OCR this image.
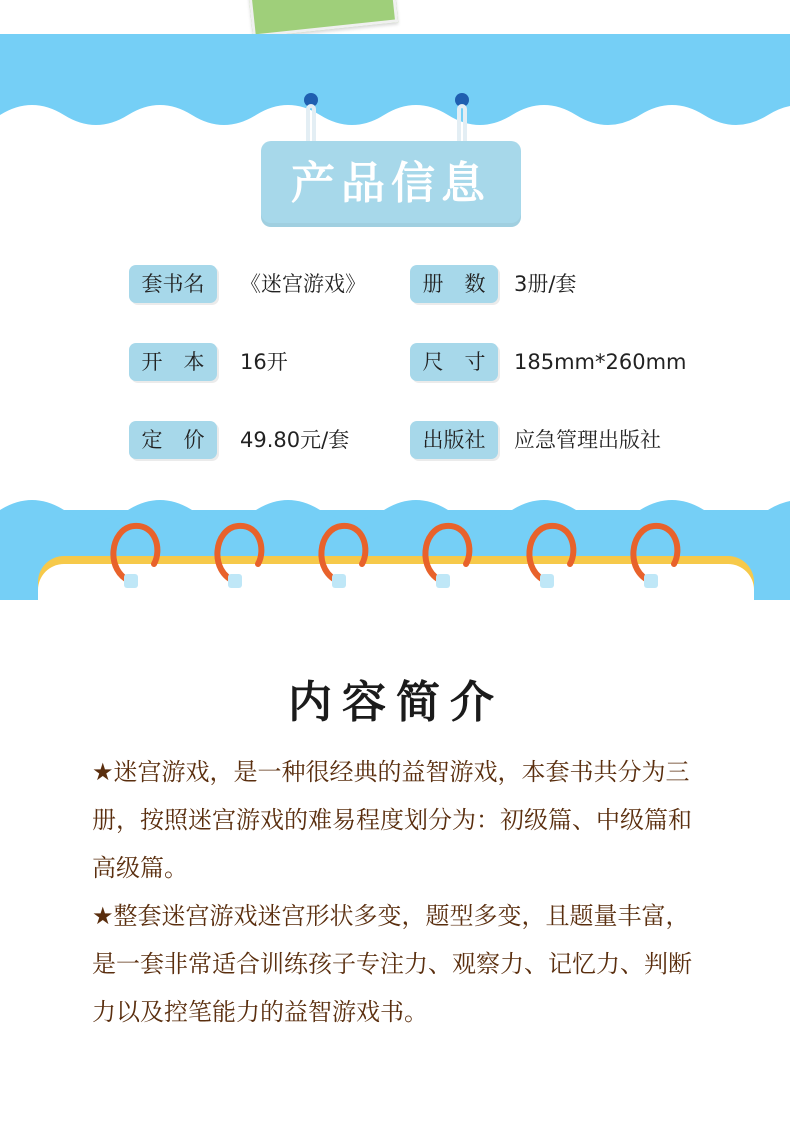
产品信息
套书名	《迷宫游戏》	册　数	3册/套
开　本	16开	尺　寸	185mm*260mm
定　价	49.80元/套	出版社	应急管理出版社
内容简介
★迷宫游戏，是一种很经典的益智游戏，本套书共分为三册，按照迷宫游戏的难易程度划分为：初级篇、中级篇和高级篇。
★整套迷宫游戏迷宫形状多变，题型多变，且题量丰富，是一套非常适合训练孩子专注力、观察力、记忆力、判断力以及控笔能力的益智游戏书。
